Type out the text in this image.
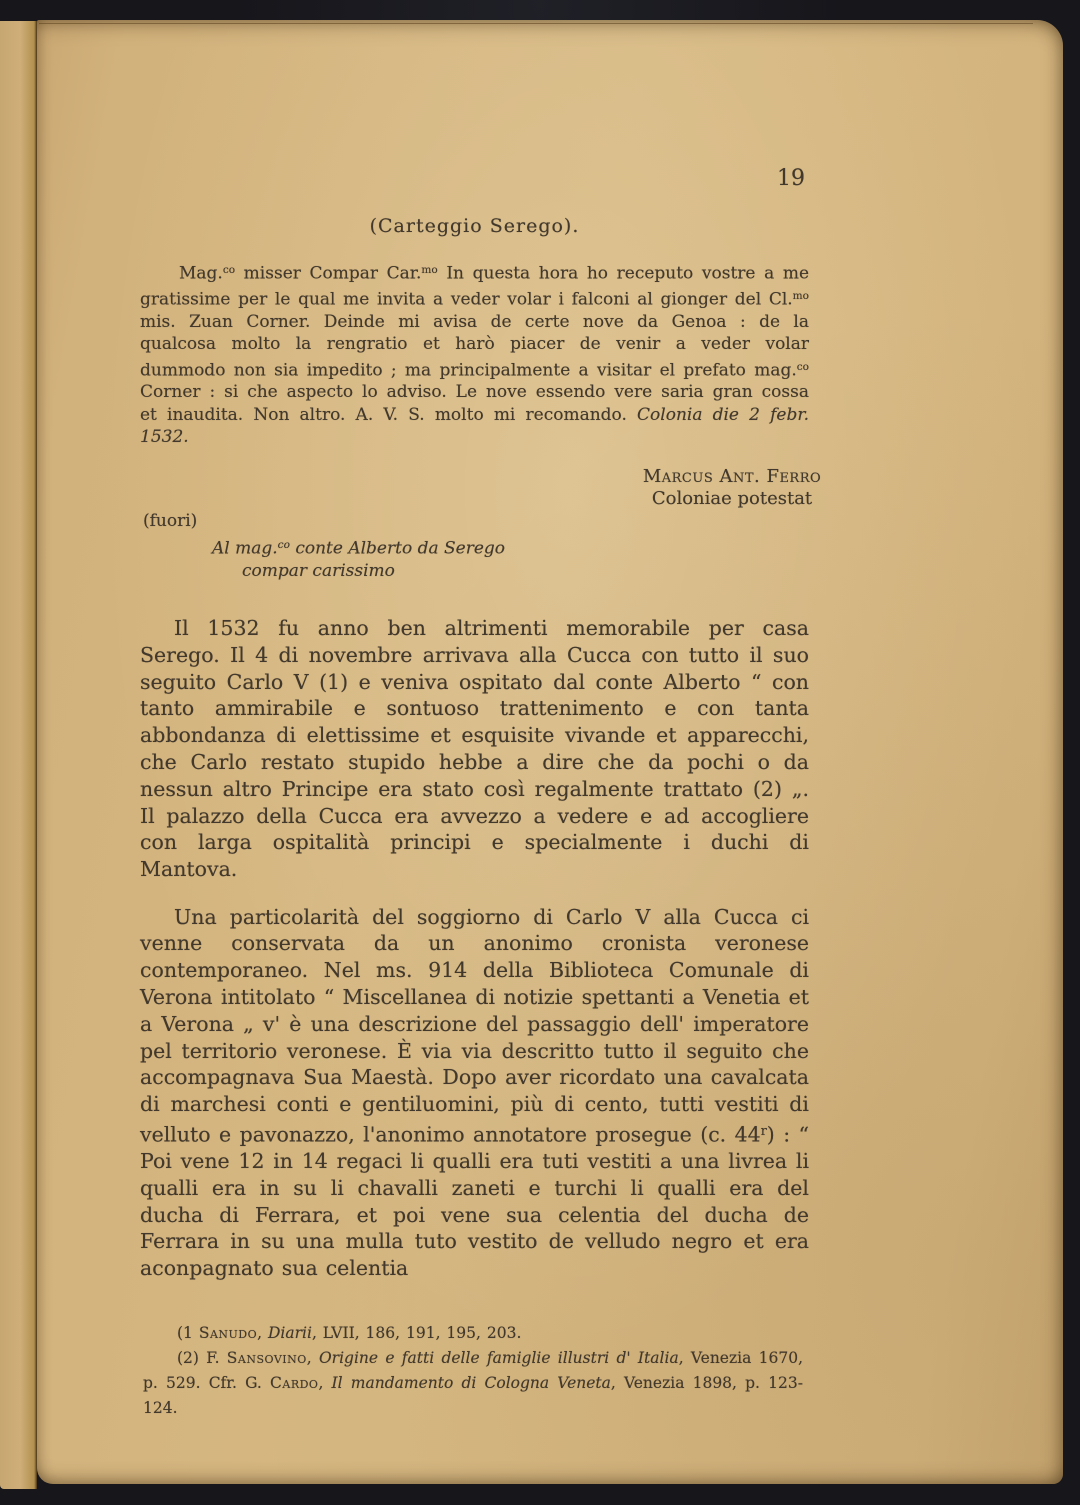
19
(Carteggio Serego).

Mag.$^{co}$ misser Compar Car.$^{mo}$ In questa hora ho receputo vostre a me gratissime per le qual me invita a veder volar i falconi al gionger del Cl.$^{mo}$ mis. Zuan Corner. Deinde mi avisa de certe nove da Genoa : de la qualcosa molto la rengratio et harò piacer de venir a veder volar dummodo non sia impedito ; ma principalmente a visitar el prefato mag.$^{co}$ Corner : si che aspecto lo adviso. Le nove essendo vere saria gran cossa et inaudita. Non altro. A. V. S. molto mi recomando. Colonia die 2 febr. 1532.

Marcus Ant. Ferro
Coloniae potestat
(fuori)
Al mag.$^{co}$ conte Alberto da Serego
compar carissimo

Il 1532 fu anno ben altrimenti memorabile per casa Serego. Il 4 di novembre arrivava alla Cucca con tutto il suo seguito Carlo V (1) e veniva ospitato dal conte Alberto “ con tanto ammirabile e sontuoso trattenimento e con tanta abbondanza di elettissime et esquisite vivande et apparecchi, che Carlo restato stupido hebbe a dire che da pochi o da nessun altro Principe era stato così regalmente trattato (2) „. Il palazzo della Cucca era avvezzo a vedere e ad accogliere con larga ospitalità principi e specialmente i duchi di Mantova.

Una particolarità del soggiorno di Carlo V alla Cucca ci venne conservata da un anonimo cronista veronese contemporaneo. Nel ms. 914 della Biblioteca Comunale di Verona intitolato “ Miscellanea di notizie spettanti a Venetia et a Verona „ v' è una descrizione del passaggio dell' imperatore pel territorio veronese. È via via descritto tutto il seguito che accompagnava Sua Maestà. Dopo aver ricordato una cavalcata di marchesi conti e gentiluomini, più di cento, tutti vestiti di velluto e pavonazzo, l'anonimo annotatore prosegue (c. 44$^r$) : “ Poi vene 12 in 14 regaci li qualli era tuti vestiti a una livrea li qualli era in su li chavalli zaneti e turchi li qualli era del ducha di Ferrara, et poi vene sua celentia del ducha de Ferrara in su una mulla tuto vestito de velludo negro et era aconpagnato sua celentia

(1 Sanudo, Diarii, LVII, 186, 191, 195, 203.

(2) F. Sansovino, Origine e fatti delle famiglie illustri d' Italia, Venezia 1670, p. 529. Cfr. G. Cardo, Il mandamento di Cologna Veneta, Venezia 1898, p. 123-124.
